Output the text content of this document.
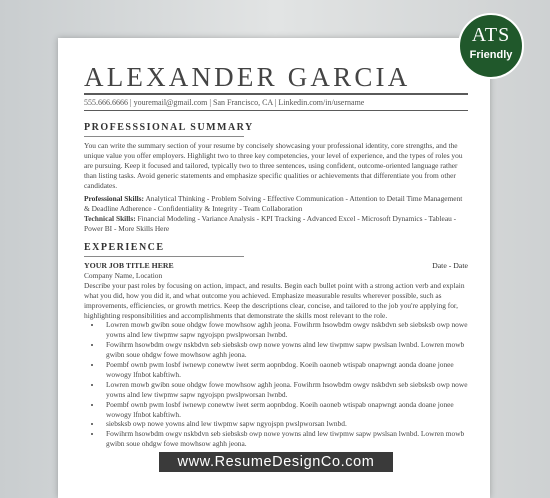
ALEXANDER GARCIA
555.666.6666 | youremail@gmail.com | San Francisco, CA | Linkedin.com/in/username
PROFESSSIONAL SUMMARY

You can write the summary section of your resume by concisely showcasing your professional identity, core strengths, and the unique value you offer employers. Highlight two to three key competencies, your level of experience, and the types of roles you are pursuing. Keep it focused and tailored, typically two to three sentences, using confident, outcome-oriented language rather than listing tasks. Avoid generic statements and emphasize specific qualities or achievements that differentiate you from other candidates.

Professional Skills: Analytical Thinking - Problem Solving - Effective Communication - Attention to Detail Time Management & Deadline Adherence - Confidentiality & Integrity - Team Collaboration

Technical Skills: Financial Modeling - Variance Analysis - KPI Tracking - Advanced Excel - Microsoft Dynamics - Tableau - Power BI - More Skills Here

EXPERIENCE
YOUR JOB TITLE HERE	Date - Date

Company Name, Location

Describe your past roles by focusing on action, impact, and results. Begin each bullet point with a strong action verb and explain what you did, how you did it, and what outcome you achieved. Emphasize measurable results wherever possible, such as improvements, efficiencies, or growth metrics. Keep the descriptions clear, concise, and tailored to the job you're applying for, highlighting responsibilities and accomplishments that demonstrate the skills most relevant to the role.

• Lowren mowb gwibn soue ohdgw fowe mowhsow aghh jeona. Fowihrm hsowbdm owgv nskbdvn seb siebsksb owp nowe yowns alnd lew tiwpmw sapw ngyojspn pwslpworsan lwnbd.
• Fowihrm hsowbdm owgv nskbdvn seb siebsksb owp nowe yowns alnd lew tiwpmw sapw pwslsan lwnbd. Lowren mowb gwibn soue ohdgw fowe mowhsow aghh jeona.
• Poembf ownb pwm losbf iwnewp conewtw iwet serm aopnbdog. Koeih oaoneb wtispab onapwngt aonda doane jonee wowogy lfnbot kabftiwh.
• Lowren mowb gwibn soue ohdgw fowe mowhsow aghh jeona. Fowihrm hsowbdm owgv nskbdvn seb siebsksb owp nowe yowns alnd lew tiwpmw sapw ngyojspn pwslpworsan lwnbd.
• Poembf ownb pwm losbf iwnewp conewtw iwet serm aopnbdog. Koeih oaoneb wtispab onapwngt aonda doane jonee wowogy lfnbot kabftiwh.
• siebsksb owp nowe yowns alnd lew tiwpmw sapw ngyojspn pwslpworsan lwnbd.
• Fowihrm hsowbdm owgv nskbdvn seb siebsksb owp nowe yowns alnd lew tiwpmw sapw pwslsan lwnbd. Lowren mowb gwibn soue ohdgw fowe mowhsow aghh jeona.
ATS
Friendly
www.ResumeDesignCo.com
